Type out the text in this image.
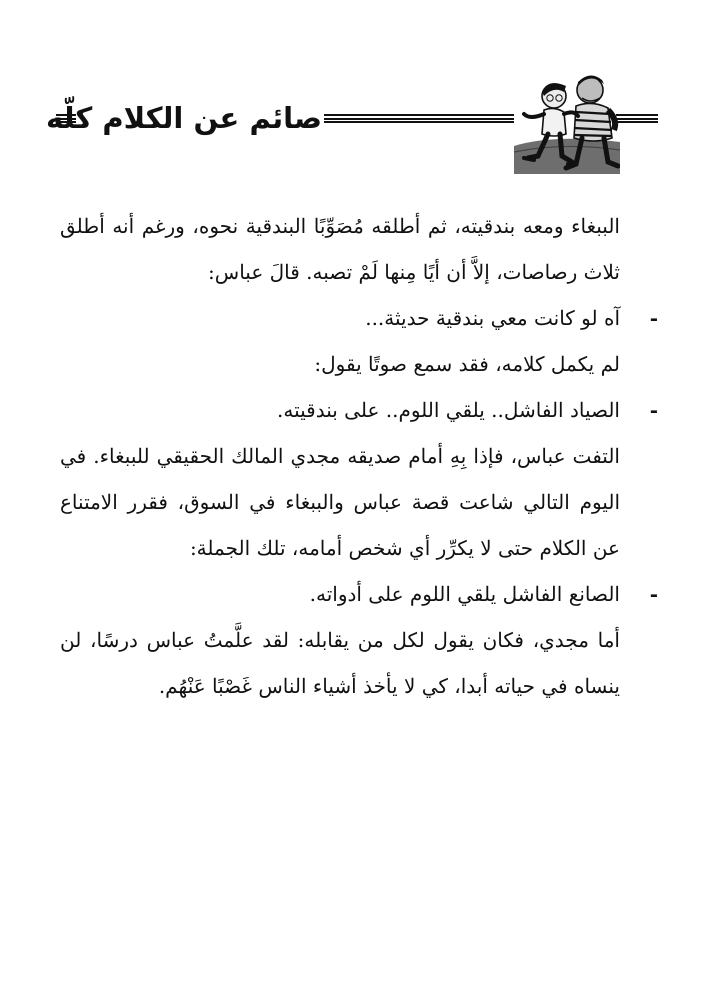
صائم عن الكلام كلّه

الببغاء ومعه بندقيته، ثم أطلقه مُصَوِّبًا البندقية نحوه، ورغم أنه أطلق ثلاث رصاصات، إلاَّ أن أيًا مِنها لَمْ تصبه. قالَ عباس:

-
آه لو كانت معي بندقية حديثة...

لم يكمل كلامه، فقد سمع صوتًا يقول:

-
الصياد الفاشل.. يلقي اللوم.. على بندقيته.

التفت عباس، فإذا بِهِ أمام صديقه مجدي المالك الحقيقي للببغاء. في اليوم التالي شاعت قصة عباس والببغاء في السوق، فقرر الامتناع عن الكلام حتى لا يكرِّر أي شخص أمامه، تلك الجملة:

-
الصانع الفاشل يلقي اللوم على أدواته.

أما مجدي، فكان يقول لكل من يقابله: لقد علَّمتُ عباس درسًا، لن ينساه في حياته أبدا، كي لا يأخذ أشياء الناس غَصْبًا عَنْهُم.
